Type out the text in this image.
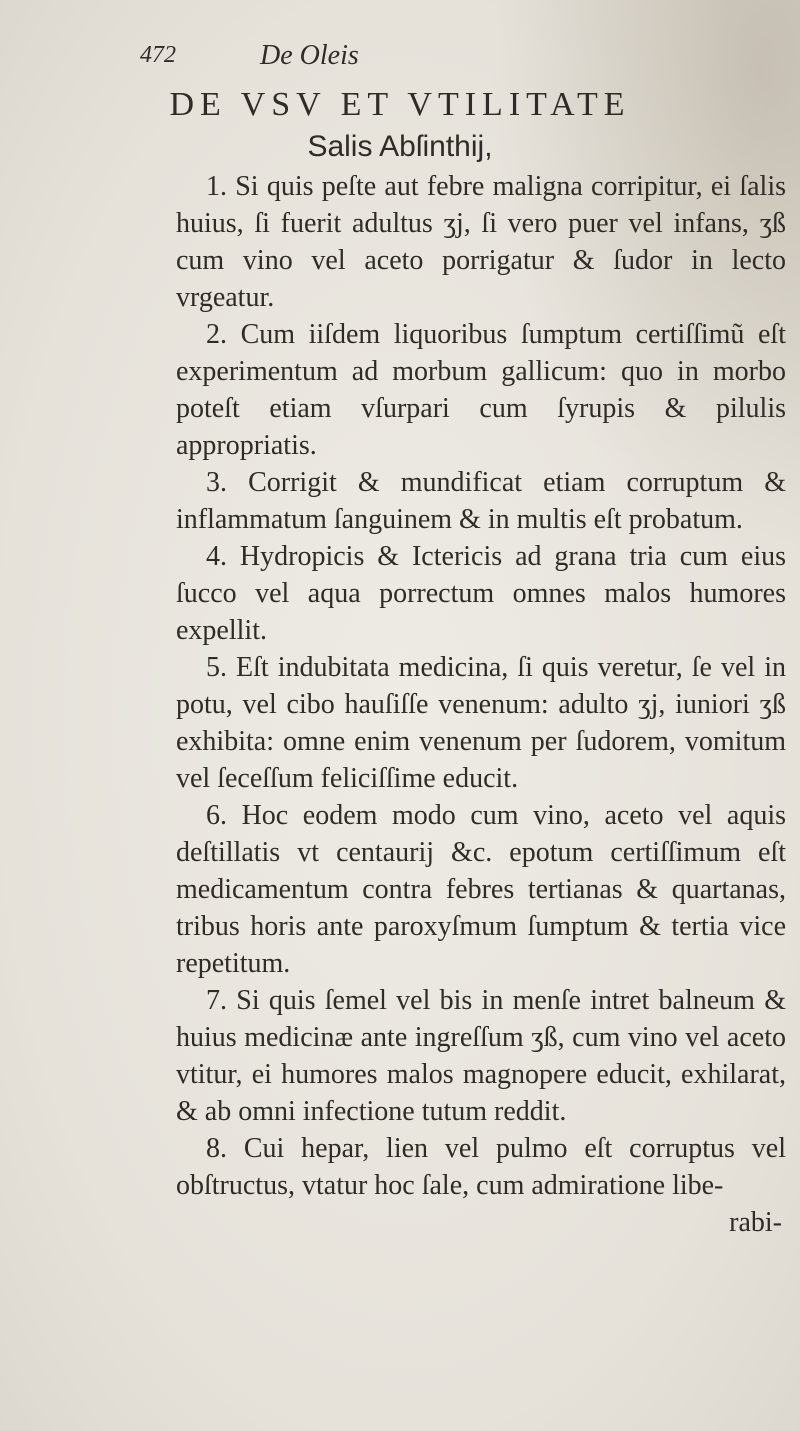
472	De Oleis
DE VSV ET VTILITATE
Salis Abſinthij,

1. Si quis peſte aut febre maligna corripitur, ei ſalis huius, ſi fuerit adultus ʒj, ſi vero puer vel infans, ʒß cum vino vel aceto porrigatur & ſudor in lecto vrgeatur.

2. Cum iiſdem liquoribus ſumptum certiſſimũ eſt experimentum ad morbum gallicum: quo in morbo poteſt etiam vſurpari cum ſyrupis & pilulis appropriatis.

3. Corrigit & mundificat etiam corruptum & inflammatum ſanguinem & in multis eſt probatum.

4. Hydropicis & Ictericis ad grana tria cum eius ſucco vel aqua porrectum omnes malos humores expellit.

5. Eſt indubitata medicina, ſi quis veretur, ſe vel in potu, vel cibo hauſiſſe venenum: adulto ʒj, iuniori ʒß exhibita: omne enim venenum per ſudorem, vomitum vel ſeceſſum feliciſſime educit.

6. Hoc eodem modo cum vino, aceto vel aquis deſtillatis vt centaurij &c. epotum certiſſimum eſt medicamentum contra febres tertianas & quartanas, tribus horis ante paroxyſmum ſumptum & tertia vice repetitum.

7. Si quis ſemel vel bis in menſe intret balneum & huius medicinæ ante ingreſſum ʒß, cum vino vel aceto vtitur, ei humores malos magnopere educit, exhilarat, & ab omni infectione tutum reddit.

8. Cui hepar, lien vel pulmo eſt corruptus vel obſtructus, vtatur hoc ſale, cum admiratione libe-

rabi-
